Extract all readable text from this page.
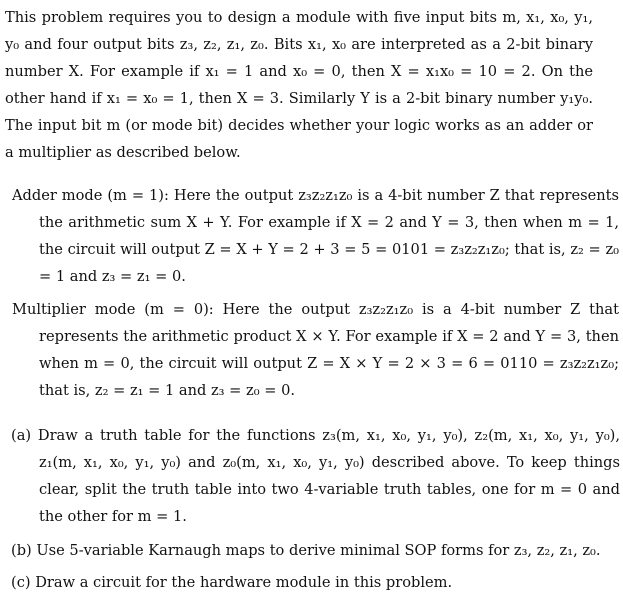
This problem requires you to design a module with five input bits m, x₁, x₀, y₁, y₀ and four output bits z₃, z₂, z₁, z₀. Bits x₁, x₀ are interpreted as a 2-bit binary number X. For example if x₁ = 1 and x₀ = 0, then X = x₁x₀ = 10 = 2. On the other hand if x₁ = x₀ = 1, then X = 3. Similarly Y is a 2-bit binary number y₁y₀. The input bit m (or mode bit) decides whether your logic works as an adder or a multiplier as described below.

Adder mode (m = 1): Here the output z₃z₂z₁z₀ is a 4-bit number Z that represents the arithmetic sum X + Y. For example if X = 2 and Y = 3, then when m = 1, the circuit will output Z = X + Y = 2 + 3 = 5 = 0101 = z₃z₂z₁z₀; that is, z₂ = z₀ = 1 and z₃ = z₁ = 0.

Multiplier mode (m = 0): Here the output z₃z₂z₁z₀ is a 4-bit number Z that represents the arithmetic product X × Y. For example if X = 2 and Y = 3, then when m = 0, the circuit will output Z = X × Y = 2 × 3 = 6 = 0110 = z₃z₂z₁z₀; that is, z₂ = z₁ = 1 and z₃ = z₀ = 0.

(a) Draw a truth table for the functions z₃(m, x₁, x₀, y₁, y₀), z₂(m, x₁, x₀, y₁, y₀), z₁(m, x₁, x₀, y₁, y₀) and z₀(m, x₁, x₀, y₁, y₀) described above. To keep things clear, split the truth table into two 4-variable truth tables, one for m = 0 and the other for m = 1.

(b) Use 5-variable Karnaugh maps to derive minimal SOP forms for z₃, z₂, z₁, z₀.

(c) Draw a circuit for the hardware module in this problem.
